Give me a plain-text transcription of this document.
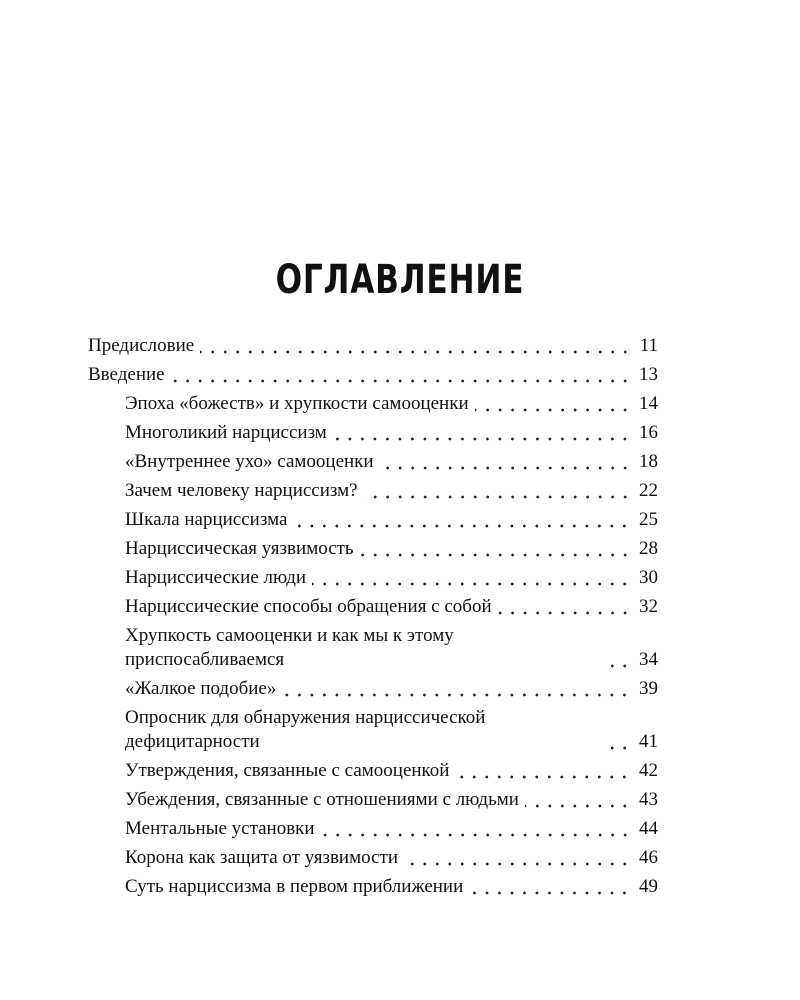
ОГЛАВЛЕНИЕ
Предисловие	11
Введение	13
Эпоха «божеств» и хрупкости самооценки	14
Многоликий нарциссизм	16
«Внутреннее ухо» самооценки	18
Зачем человеку нарциссизм?	22
Шкала нарциссизма	25
Нарциссическая уязвимость	28
Нарциссические люди	30
Нарциссические способы обращения с собой	32
Хрупкость самооценки и как мы к этому приспосабливаемся	34
«Жалкое подобие»	39
Опросник для обнаружения нарциссической дефицитарности	41
Утверждения, связанные с самооценкой	42
Убеждения, связанные с отношениями с людьми	43
Ментальные установки	44
Корона как защита от уязвимости	46
Суть нарциссизма в первом приближении	49
